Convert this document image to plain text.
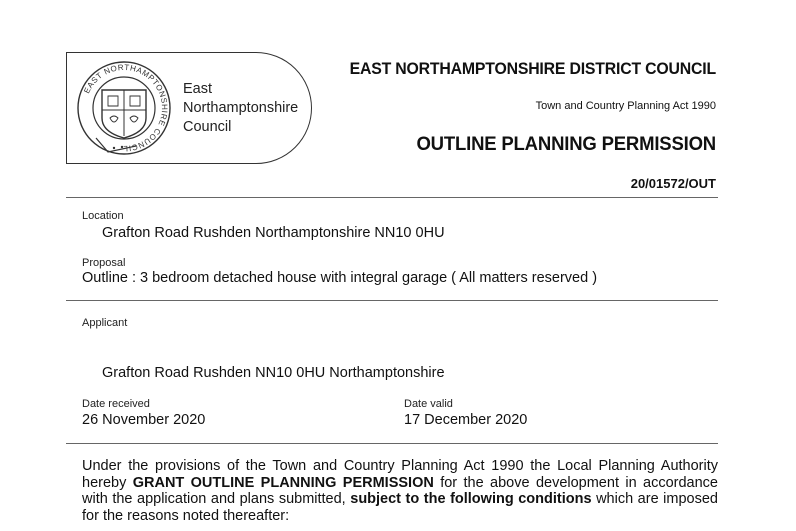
EAST NORTHAMPTONSHIRE COUNCIL
East
Northamptonshire
Council
EAST NORTHAMPTONSHIRE DISTRICT COUNCIL
Town and Country Planning Act 1990
OUTLINE PLANNING PERMISSION
20/01572/OUT
Location
Grafton Road Rushden Northamptonshire NN10 0HU
Proposal
Outline : 3 bedroom detached house with integral garage ( All matters reserved )
Applicant
Grafton Road Rushden NN10 0HU Northamptonshire
Date received
26 November 2020
Date valid
17 December 2020
Under the provisions of the Town and Country Planning Act 1990 the Local Planning Authority hereby GRANT OUTLINE PLANNING PERMISSION for the above development in accordance with the application and plans submitted, subject to the following conditions which are imposed for the reasons noted thereafter:
